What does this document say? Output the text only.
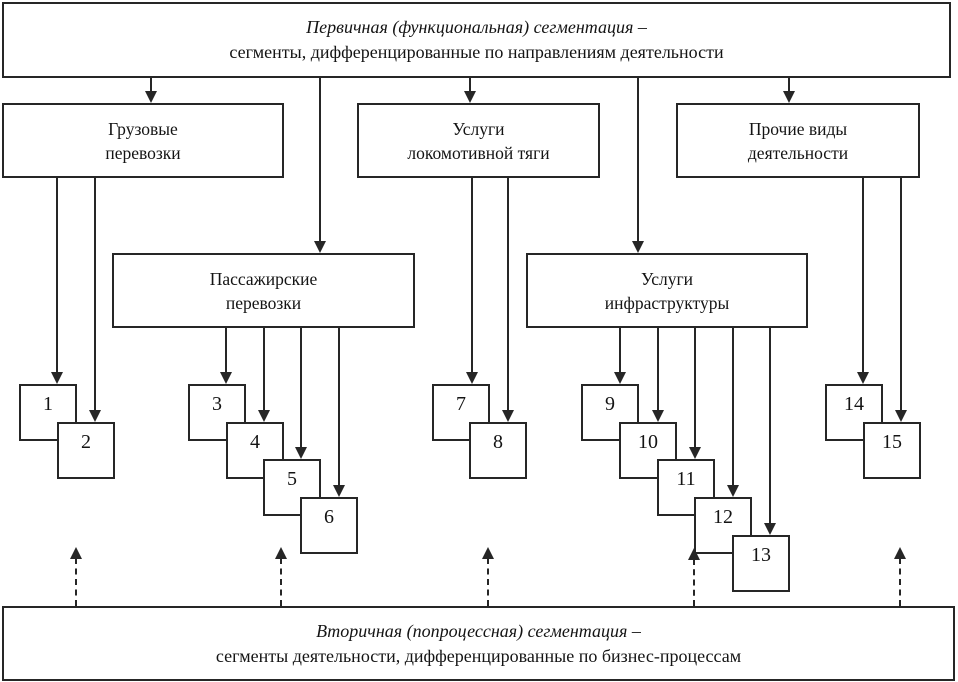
Первичная (функциональная) сегментация –
сегменты, дифференцированные по направлениям деятельности
Грузовые
перевозки
Услуги
локомотивной тяги
Прочие виды
деятельности
Пассажирские
перевозки
Услуги
инфраструктуры
1
2
3
4
5
6
7
8
9
10
11
12
13
14
15
Вторичная (попроцессная) сегментация –
сегменты деятельности, дифференцированные по бизнес-процессам
